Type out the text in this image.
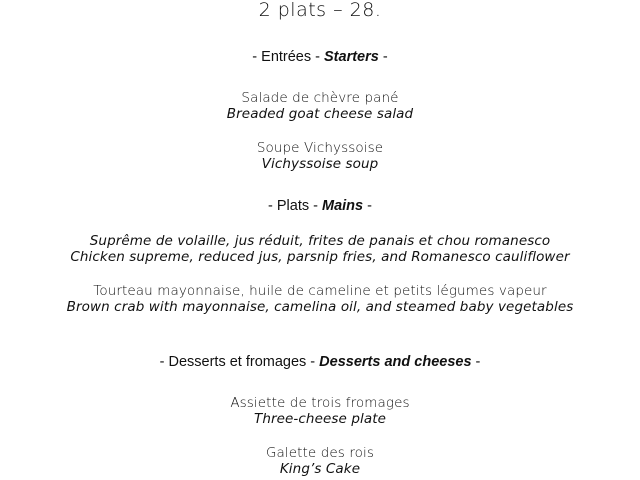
2 plats – 28.
- Entrées - Starters -
Salade de chèvre pané
Breaded goat cheese salad
Soupe Vichyssoise
Vichyssoise soup
- Plats - Mains -
Suprême de volaille, jus réduit, frites de panais et chou romanesco
Chicken supreme, reduced jus, parsnip fries, and Romanesco cauliflower
Tourteau mayonnaise, huile de cameline et petits légumes vapeur
Brown crab with mayonnaise, camelina oil, and steamed baby vegetables
- Desserts et fromages - Desserts and cheeses -
Assiette de trois fromages
Three-cheese plate
Galette des rois
King’s Cake
